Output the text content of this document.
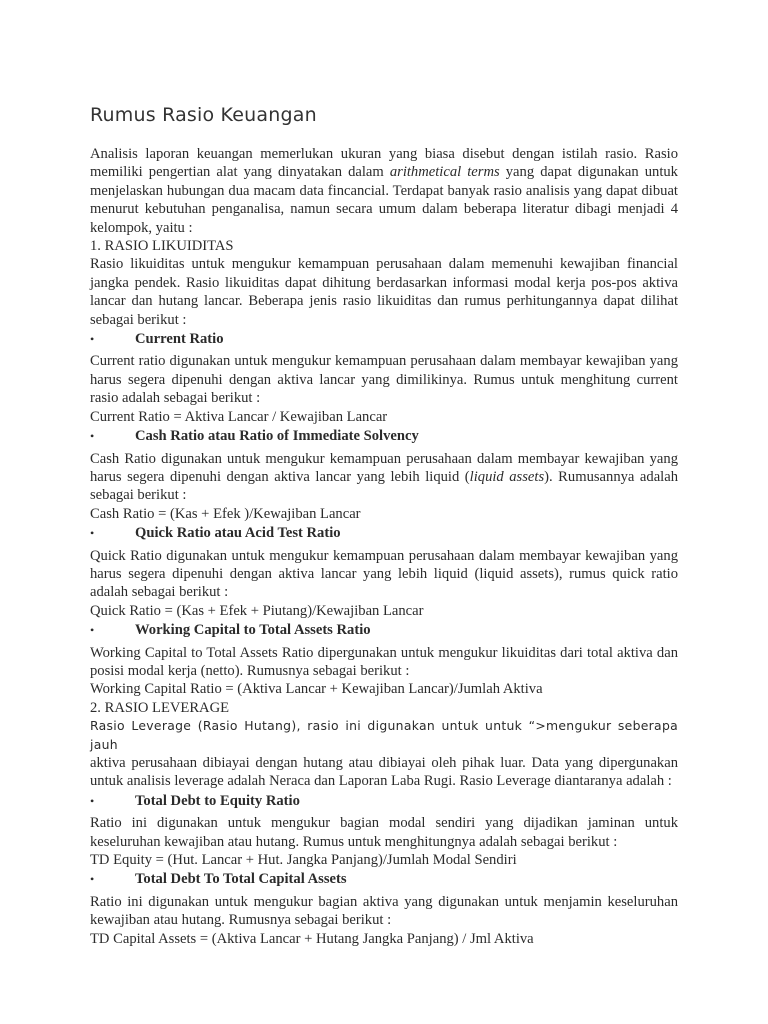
Rumus Rasio Keuangan

Analisis laporan keuangan memerlukan ukuran yang biasa disebut dengan istilah rasio. Rasio memiliki pengertian alat yang dinyatakan dalam arithmetical terms yang dapat digunakan untuk menjelaskan hubungan dua macam data fincancial. Terdapat banyak rasio analisis yang dapat dibuat menurut kebutuhan penganalisa, namun secara umum dalam beberapa literatur dibagi menjadi 4 kelompok, yaitu :

1. RASIO LIKUIDITAS

Rasio likuiditas untuk mengukur kemampuan perusahaan dalam memenuhi kewajiban financial jangka pendek. Rasio likuiditas dapat dihitung berdasarkan informasi modal kerja pos-pos aktiva lancar dan hutang lancar. Beberapa jenis rasio likuiditas dan rumus perhitungannya dapat dilihat sebagai berikut :

•	Current Ratio

Current ratio digunakan untuk mengukur kemampuan perusahaan dalam membayar kewajiban yang harus segera dipenuhi dengan aktiva lancar yang dimilikinya. Rumus untuk menghitung current rasio adalah sebagai berikut :

Current Ratio = Aktiva Lancar / Kewajiban Lancar

•	Cash Ratio atau Ratio of Immediate Solvency

Cash Ratio digunakan untuk mengukur kemampuan perusahaan dalam membayar kewajiban yang harus segera dipenuhi dengan aktiva lancar yang lebih liquid (liquid assets). Rumusannya adalah sebagai berikut :

Cash Ratio = (Kas + Efek )/Kewajiban Lancar

•	Quick Ratio atau Acid Test Ratio

Quick Ratio digunakan untuk mengukur kemampuan perusahaan dalam membayar kewajiban yang harus segera dipenuhi dengan aktiva lancar yang lebih liquid (liquid assets), rumus quick ratio adalah sebagai berikut :

Quick Ratio = (Kas + Efek + Piutang)/Kewajiban Lancar

•	Working Capital to Total Assets Ratio

Working Capital to Total Assets Ratio dipergunakan untuk mengukur likuiditas dari total aktiva dan posisi modal kerja (netto). Rumusnya sebagai berikut :

Working Capital Ratio = (Aktiva Lancar + Kewajiban Lancar)/Jumlah Aktiva

2. RASIO LEVERAGE

Rasio Leverage (Rasio Hutang), rasio ini digunakan untuk untuk “>mengukur seberapa jauh

aktiva perusahaan dibiayai dengan hutang atau dibiayai oleh pihak luar. Data yang dipergunakan untuk analisis leverage adalah Neraca dan Laporan Laba Rugi. Rasio Leverage diantaranya adalah :

•	Total Debt to Equity Ratio

Ratio ini digunakan untuk mengukur bagian modal sendiri yang dijadikan jaminan untuk keseluruhan kewajiban atau hutang. Rumus untuk menghitungnya adalah sebagai berikut :

TD Equity = (Hut. Lancar + Hut. Jangka Panjang)/Jumlah Modal Sendiri

•	Total Debt To Total Capital Assets

Ratio ini digunakan untuk mengukur bagian aktiva yang digunakan untuk menjamin keseluruhan kewajiban atau hutang. Rumusnya sebagai berikut :

TD Capital Assets = (Aktiva Lancar + Hutang Jangka Panjang) / Jml Aktiva
